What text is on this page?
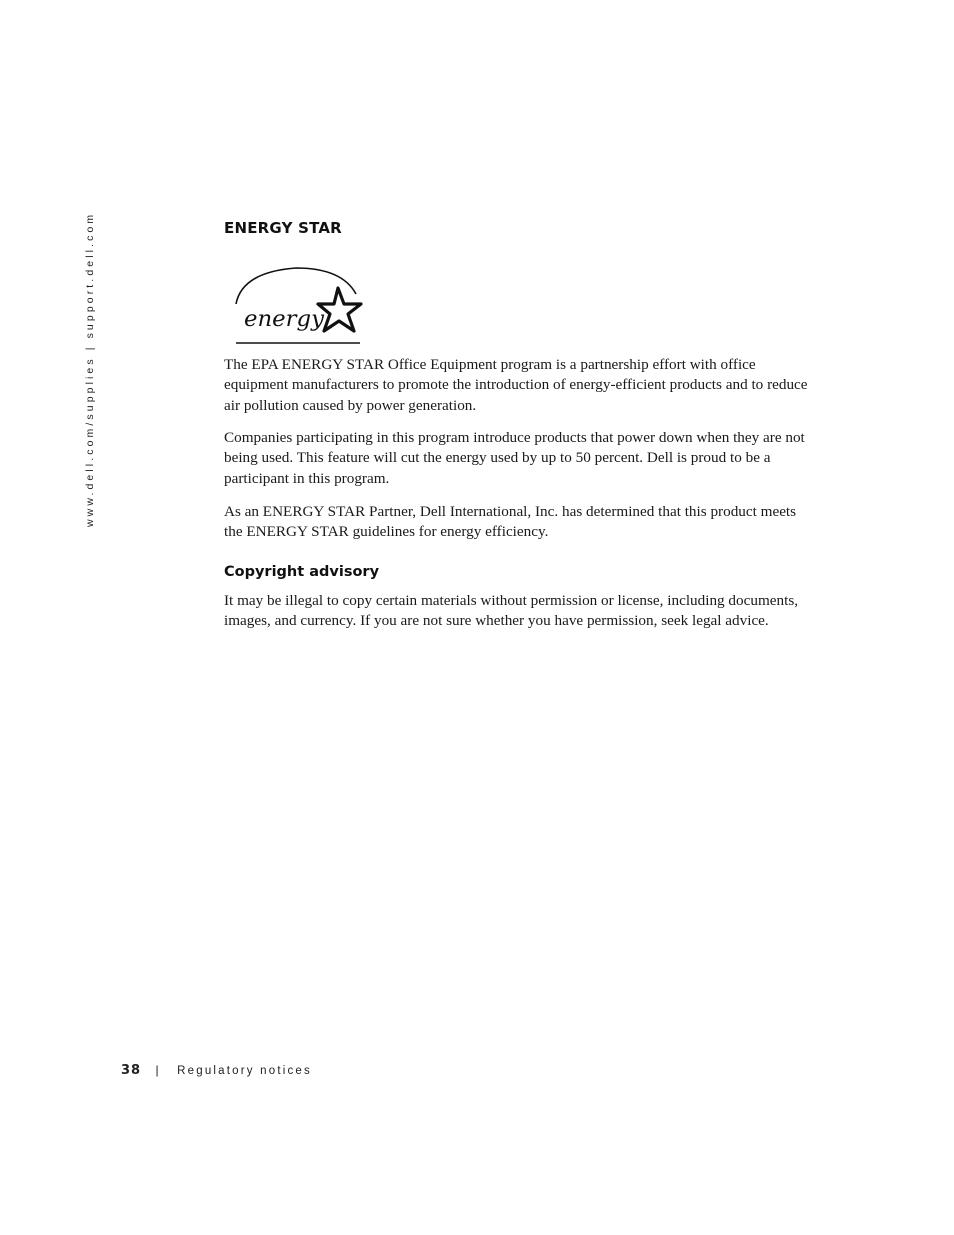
www.dell.com/supplies | support.dell.com	ENERGY STAR
energy

The EPA ENERGY STAR Office Equipment program is a partnership effort with office equipment manufacturers to promote the introduction of energy-efficient products and to reduce air pollution caused by power generation.

Companies participating in this program introduce products that power down when they are not being used. This feature will cut the energy used by up to 50 percent. Dell is proud to be a participant in this program.

As an ENERGY STAR Partner, Dell International, Inc. has determined that this product meets the ENERGY STAR guidelines for energy efficiency.

Copyright advisory

It may be illegal to copy certain materials without permission or license, including documents, images, and currency. If you are not sure whether you have permission, seek legal advice.

38 | Regulatory notices
